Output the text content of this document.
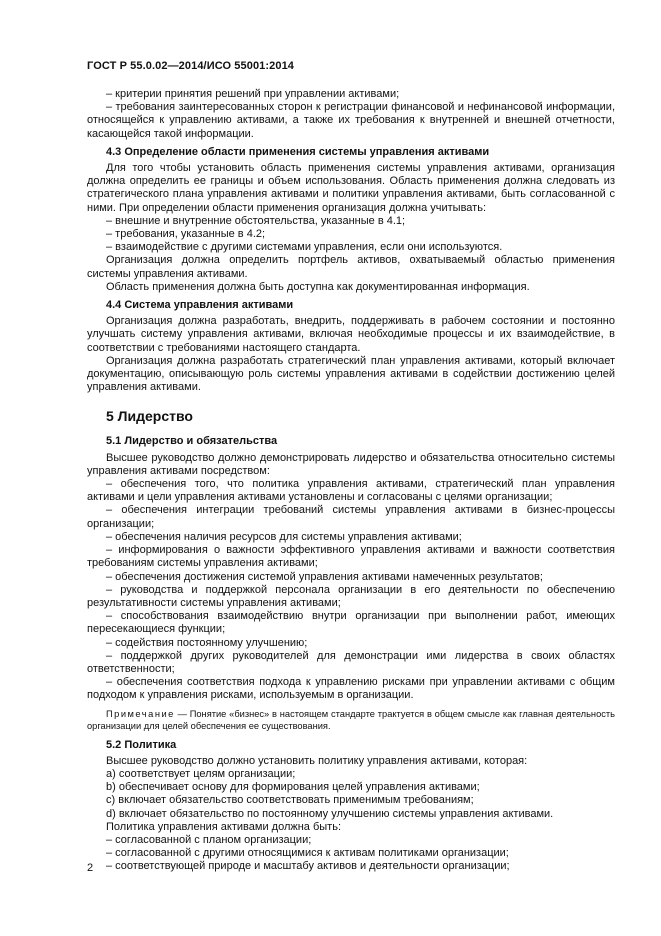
ГОСТ Р 55.0.02—2014/ИСО 55001:2014

– критерии принятия решений при управлении активами;

– требования заинтересованных сторон к регистрации финансовой и нефинансовой информации, относящейся к управлению активами, а также их требования к внутренней и внешней отчетности, касающейся такой информации.

4.3 Определение области применения системы управления активами

Для того чтобы установить область применения системы управления активами, организация должна определить ее границы и объем использования. Область применения должна следовать из стратегического плана управления активами и политики управления активами, быть согласованной с ними. При определении области применения организация должна учитывать:

– внешние и внутренние обстоятельства, указанные в 4.1;

– требования, указанные в 4.2;

– взаимодействие с другими системами управления, если они используются.

Организация должна определить портфель активов, охватываемый областью применения системы управления активами.

Область применения должна быть доступна как документированная информация.

4.4 Система управления активами

Организация должна разработать, внедрить, поддерживать в рабочем состоянии и постоянно улучшать систему управления активами, включая необходимые процессы и их взаимодействие, в соответствии с требованиями настоящего стандарта.

Организация должна разработать стратегический план управления активами, который включает документацию, описывающую роль системы управления активами в содействии достижению целей управления активами.

5 Лидерство

5.1 Лидерство и обязательства

Высшее руководство должно демонстрировать лидерство и обязательства относительно системы управления активами посредством:

– обеспечения того, что политика управления активами, стратегический план управления активами и цели управления активами установлены и согласованы с целями организации;

– обеспечения интеграции требований системы управления активами в бизнес-процессы организации;

– обеспечения наличия ресурсов для системы управления активами;

– информирования о важности эффективного управления активами и важности соответствия требованиям системы управления активами;

– обеспечения достижения системой управления активами намеченных результатов;

– руководства и поддержкой персонала организации в его деятельности по обеспечению результативности системы управления активами;

– способствования взаимодействию внутри организации при выполнении работ, имеющих пересекающиеся функции;

– содействия постоянному улучшению;

– поддержкой других руководителей для демонстрации ими лидерства в своих областях ответственности;

– обеспечения соответствия подхода к управлению рисками при управлении активами с общим подходом к управления рисками, используемым в организации.

Примечание — Понятие «бизнес» в настоящем стандарте трактуется в общем смысле как главная деятельность организации для целей обеспечения ее существования.

5.2 Политика

Высшее руководство должно установить политику управления активами, которая:

a) соответствует целям организации;

b) обеспечивает основу для формирования целей управления активами;

c) включает обязательство соответствовать применимым требованиям;

d) включает обязательство по постоянному улучшению системы управления активами.

Политика управления активами должна быть:

– согласованной с планом организации;

– согласованной с другими относящимися к активам политиками организации;

– соответствующей природе и масштабу активов и деятельности организации;

2
